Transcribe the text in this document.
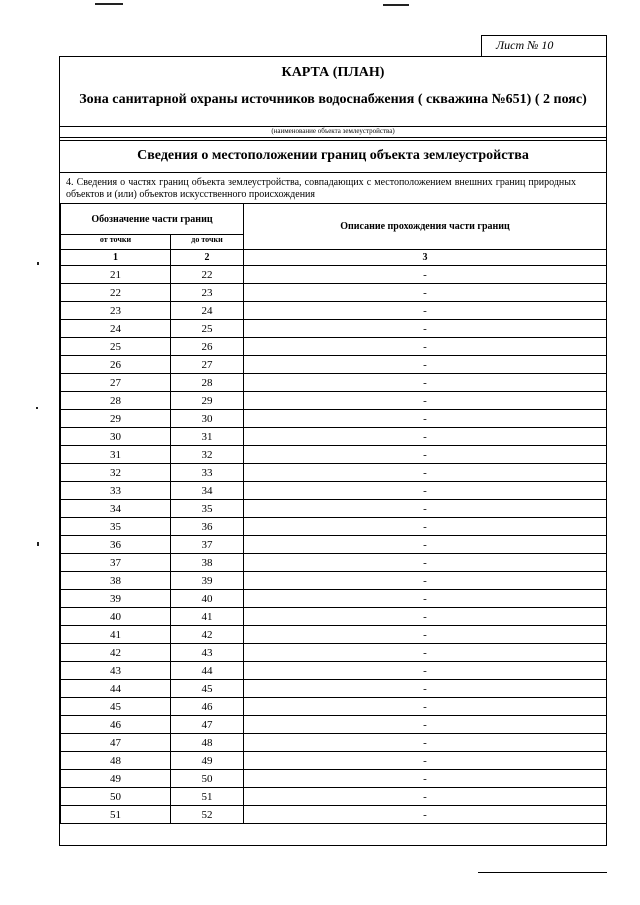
Лист № 10
КАРТА (ПЛАН)
Зона санитарной охраны источников водоснабжения ( скважина №651) ( 2 пояс)
(наименование объекта землеустройства)
Сведения о местоположении границ объекта землеустройства
4. Сведения о частях границ объекта землеустройства, совпадающих с местоположением внешних границ природных объектов и (или) объектов искусственного происхождения
Обозначение части границ		Описание прохождения части границ
от точки	до точки	
1	2	3
21	22	-
22	23	-
23	24	-
24	25	-
25	26	-
26	27	-
27	28	-
28	29	-
29	30	-
30	31	-
31	32	-
32	33	-
33	34	-
34	35	-
35	36	-
36	37	-
37	38	-
38	39	-
39	40	-
40	41	-
41	42	-
42	43	-
43	44	-
44	45	-
45	46	-
46	47	-
47	48	-
48	49	-
49	50	-
50	51	-
51	52	-
